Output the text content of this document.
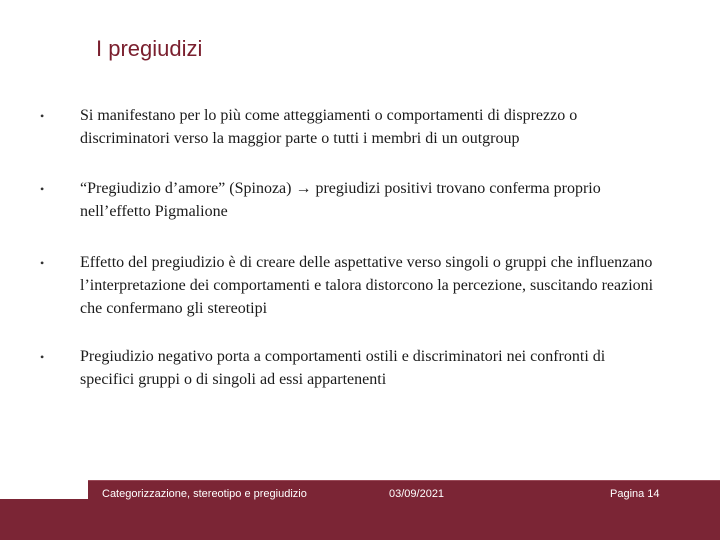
I pregiudizi
•	Si manifestano per lo più come atteggiamenti o comportamenti di disprezzo o discriminatori verso la maggior parte o tutti i membri di un outgroup
•	“Pregiudizio d’amore” (Spinoza) → pregiudizi positivi trovano conferma proprio nell’effetto Pigmalione
•	Effetto del pregiudizio è di creare delle aspettative verso singoli o gruppi che influenzano l’interpretazione dei comportamenti e talora distorcono la percezione, suscitando reazioni che confermano gli stereotipi
•	Pregiudizio negativo porta a comportamenti ostili e discriminatori nei confronti di specifici gruppi o di singoli ad essi appartenenti
Categorizzazione, stereotipo e pregiudizio	03/09/2021	Pagina 14
